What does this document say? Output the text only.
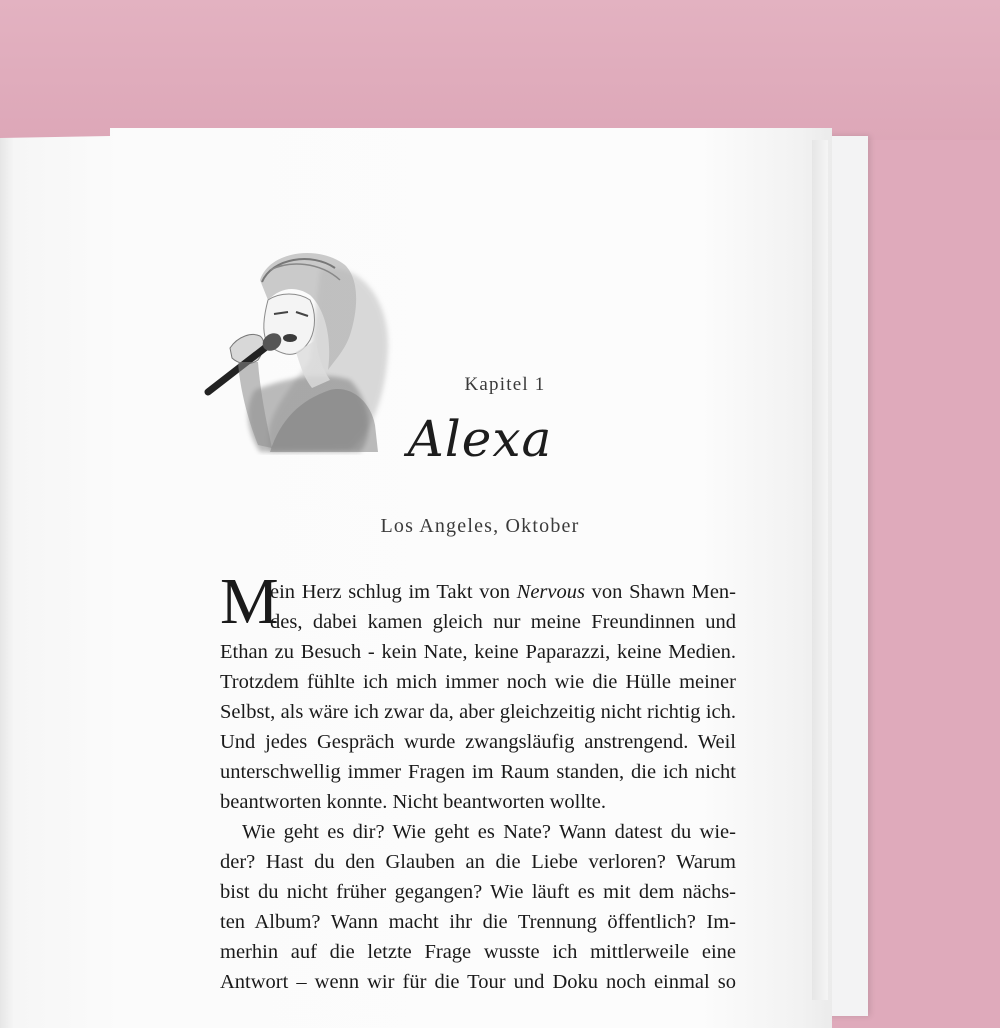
Kapitel 1
Alexa
Los Angeles, Oktober
M
ein Herz schlug im Takt von Nervous von Shawn Men-
des, dabei kamen gleich nur meine Freundinnen und
Ethan zu Besuch - kein Nate, keine Paparazzi, keine Medien.
Trotzdem fühlte ich mich immer noch wie die Hülle meiner
Selbst, als wäre ich zwar da, aber gleichzeitig nicht richtig ich.
Und jedes Gespräch wurde zwangsläufig anstrengend. Weil
unterschwellig immer Fragen im Raum standen, die ich nicht
beantworten konnte. Nicht beantworten wollte.
Wie geht es dir? Wie geht es Nate? Wann datest du wie-
der? Hast du den Glauben an die Liebe verloren? Warum
bist du nicht früher gegangen? Wie läuft es mit dem nächs-
ten Album? Wann macht ihr die Trennung öffentlich? Im-
merhin auf die letzte Frage wusste ich mittlerweile eine
Antwort – wenn wir für die Tour und Doku noch einmal so
